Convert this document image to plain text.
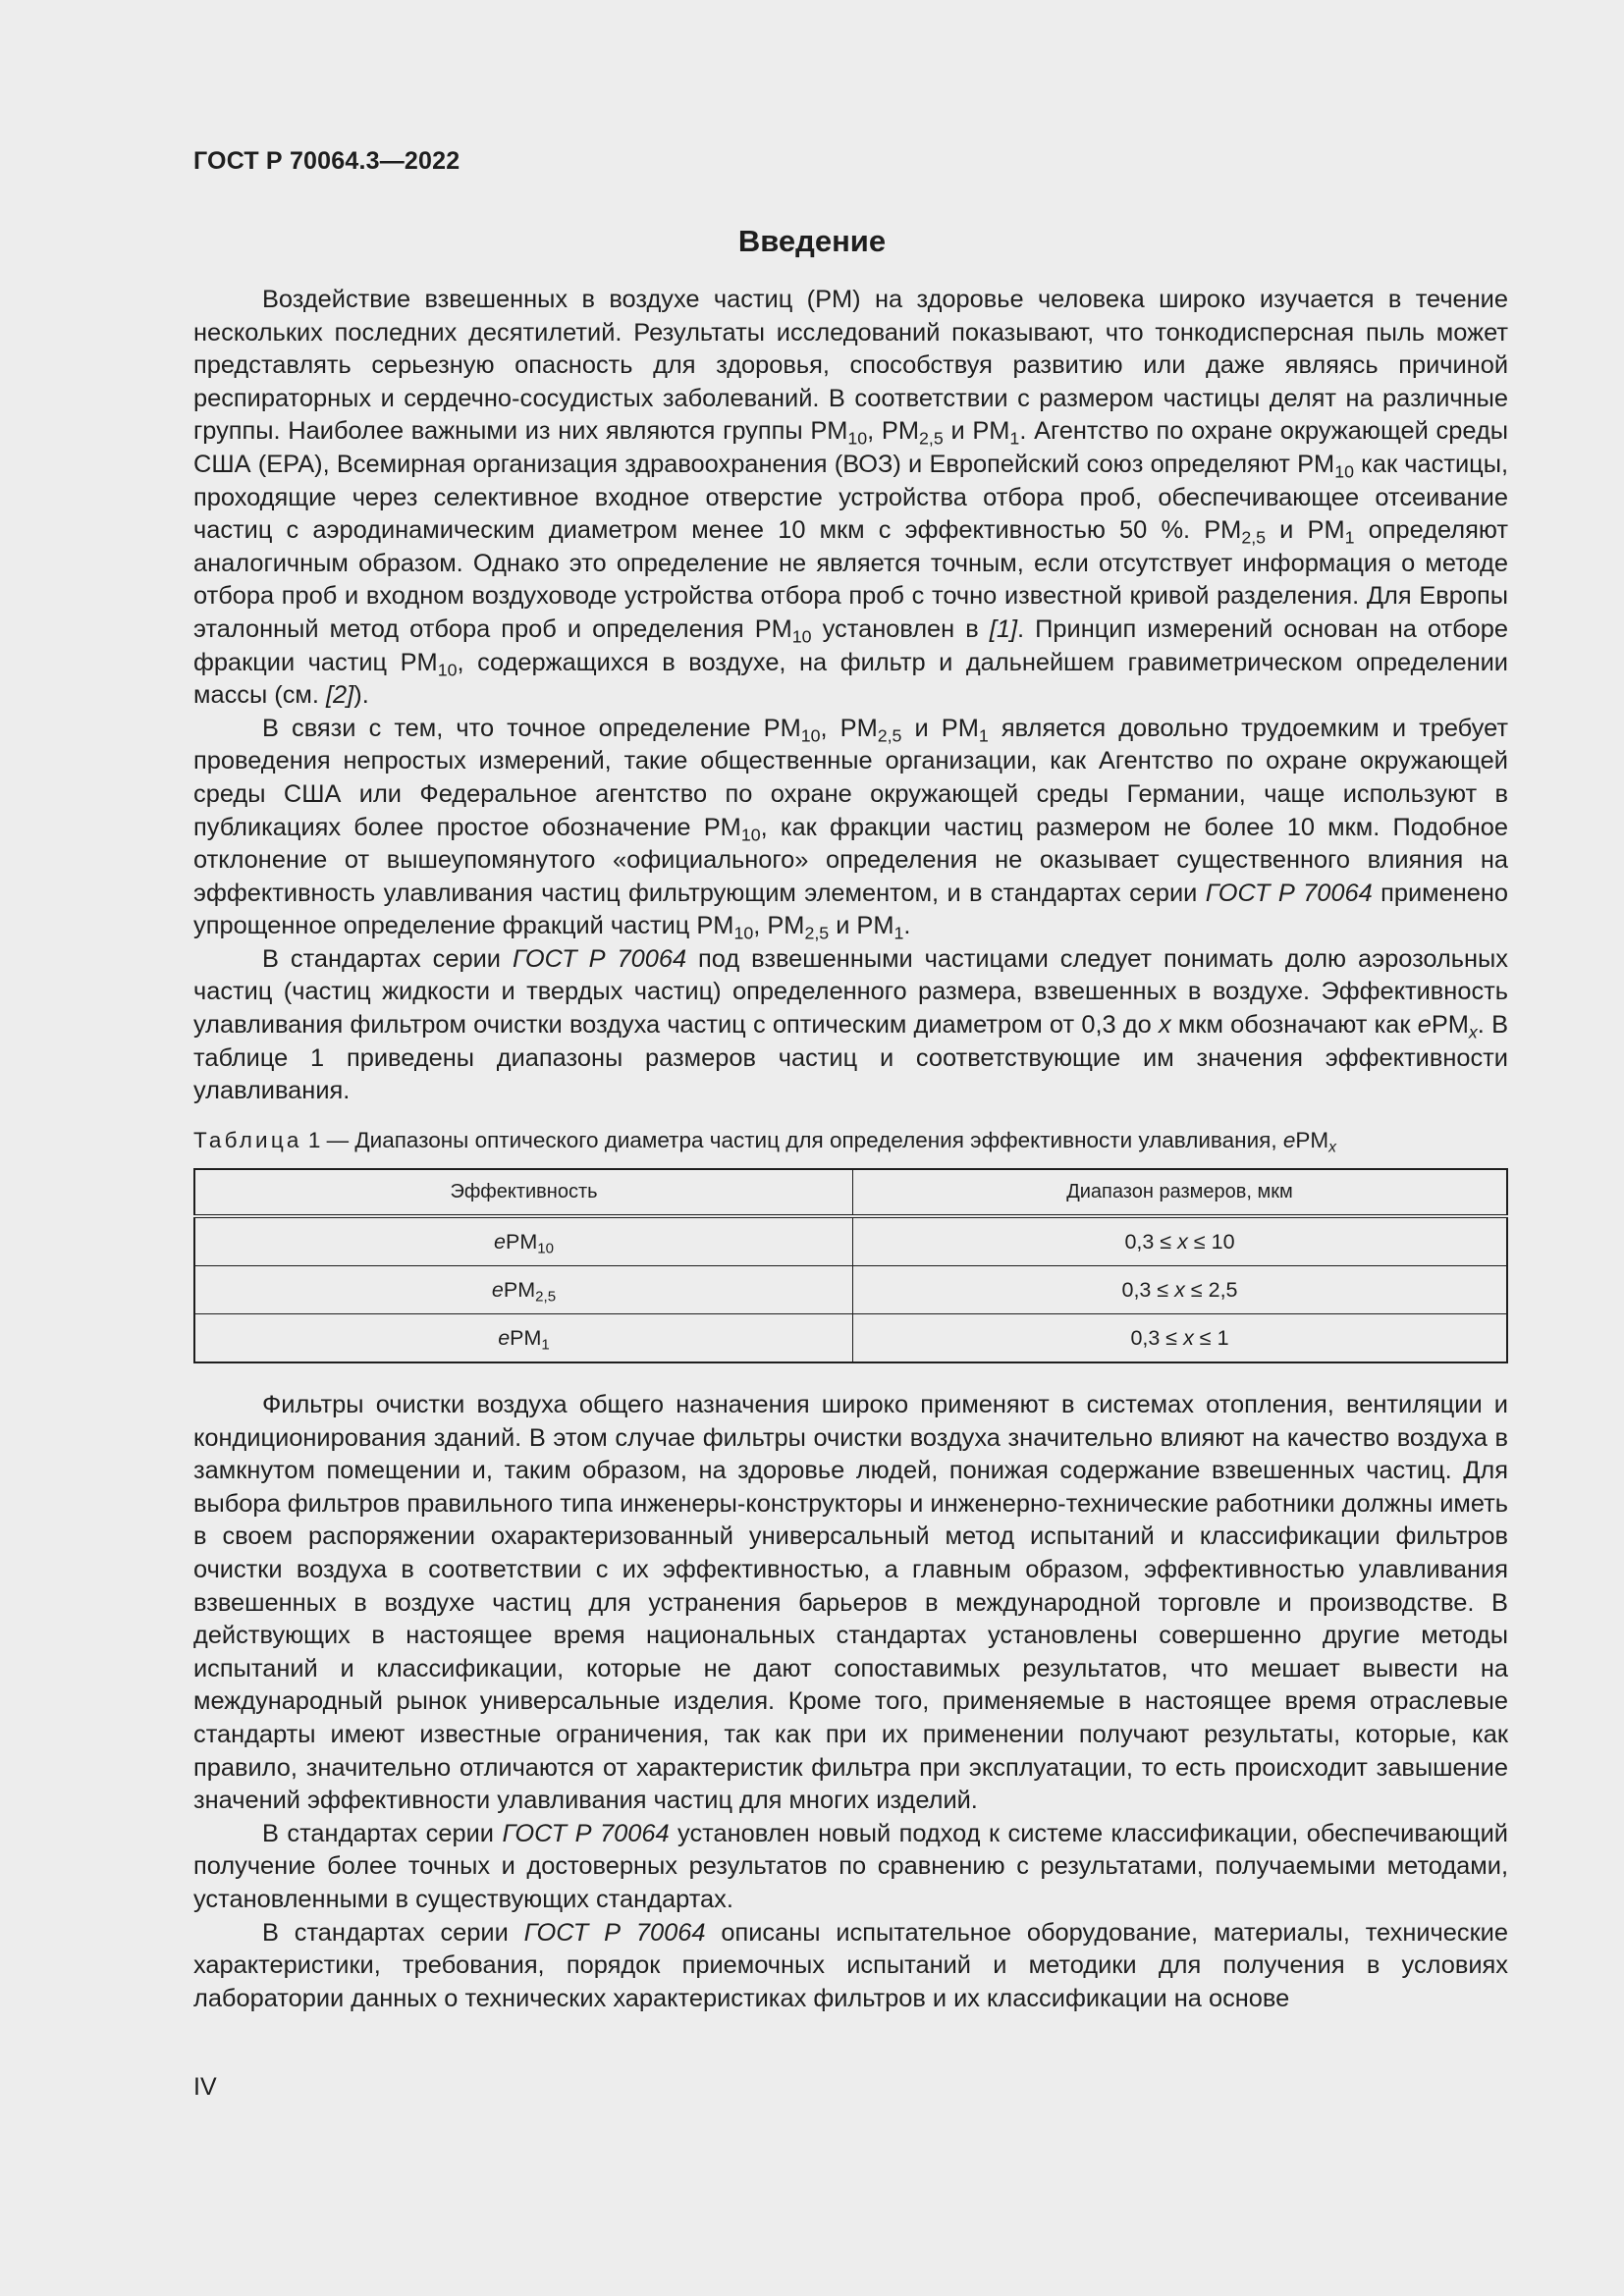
ГОСТ Р 70064.3—2022
Введение

Воздействие взвешенных в воздухе частиц (PM) на здоровье человека широко изучается в течение нескольких последних десятилетий. Результаты исследований показывают, что тонкодисперсная пыль может представлять серьезную опасность для здоровья, способствуя развитию или даже являясь причиной респираторных и сердечно-сосудистых заболеваний. В соответствии с размером частицы делят на различные группы. Наиболее важными из них являются группы $PM_{10}$, $PM_{2,5}$ и $PM_1$. Агентство по охране окружающей среды США (EPA), Всемирная организация здравоохранения (ВОЗ) и Европейский союз определяют $PM_{10}$ как частицы, проходящие через селективное входное отверстие устройства отбора проб, обеспечивающее отсеивание частиц с аэродинамическим диаметром менее 10 мкм с эффективностью 50 %. $PM_{2,5}$ и $PM_1$ определяют аналогичным образом. Однако это определение не является точным, если отсутствует информация о методе отбора проб и входном воздуховоде устройства отбора проб с точно известной кривой разделения. Для Европы эталонный метод отбора проб и определения $PM_{10}$ установлен в [1]. Принцип измерений основан на отборе фракции частиц $PM_{10}$, содержащихся в воздухе, на фильтр и дальнейшем гравиметрическом определении массы (см. [2]).

В связи с тем, что точное определение $PM_{10}$, $PM_{2,5}$ и $PM_1$ является довольно трудоемким и требует проведения непростых измерений, такие общественные организации, как Агентство по охране окружающей среды США или Федеральное агентство по охране окружающей среды Германии, чаще используют в публикациях более простое обозначение $PM_{10}$, как фракции частиц размером не более 10 мкм. Подобное отклонение от вышеупомянутого «официального» определения не оказывает существенного влияния на эффективность улавливания частиц фильтрующим элементом, и в стандартах серии ГОСТ Р 70064 применено упрощенное определение фракций частиц $PM_{10}$, $PM_{2,5}$ и $PM_1$.

В стандартах серии ГОСТ Р 70064 под взвешенными частицами следует понимать долю аэрозольных частиц (частиц жидкости и твердых частиц) определенного размера, взвешенных в воздухе. Эффективность улавливания фильтром очистки воздуха частиц с оптическим диаметром от 0,3 до x мкм обозначают как ePM$_x$. В таблице 1 приведены диапазоны размеров частиц и соответствующие им значения эффективности улавливания.

Таблица 1 — Диапазоны оптического диаметра частиц для определения эффективности улавливания, ePM$_x$
Эффективность	Диапазон размеров, мкм
ePM$_{10}$	0,3 ≤ x ≤ 10
ePM$_{2,5}$	0,3 ≤ x ≤ 2,5
ePM$_1$	0,3 ≤ x ≤ 1

Фильтры очистки воздуха общего назначения широко применяют в системах отопления, вентиляции и кондиционирования зданий. В этом случае фильтры очистки воздуха значительно влияют на качество воздуха в замкнутом помещении и, таким образом, на здоровье людей, понижая содержание взвешенных частиц. Для выбора фильтров правильного типа инженеры-конструкторы и инженерно-технические работники должны иметь в своем распоряжении охарактеризованный универсальный метод испытаний и классификации фильтров очистки воздуха в соответствии с их эффективностью, а главным образом, эффективностью улавливания взвешенных в воздухе частиц для устранения барьеров в международной торговле и производстве. В действующих в настоящее время национальных стандартах установлены совершенно другие методы испытаний и классификации, которые не дают сопоставимых результатов, что мешает вывести на международный рынок универсальные изделия. Кроме того, применяемые в настоящее время отраслевые стандарты имеют известные ограничения, так как при их применении получают результаты, которые, как правило, значительно отличаются от характеристик фильтра при эксплуатации, то есть происходит завышение значений эффективности улавливания частиц для многих изделий.

В стандартах серии ГОСТ Р 70064 установлен новый подход к системе классификации, обеспечивающий получение более точных и достоверных результатов по сравнению с результатами, получаемыми методами, установленными в существующих стандартах.

В стандартах серии ГОСТ Р 70064 описаны испытательное оборудование, материалы, технические характеристики, требования, порядок приемочных испытаний и методики для получения в условиях лаборатории данных о технических характеристиках фильтров и их классификации на основе

IV
